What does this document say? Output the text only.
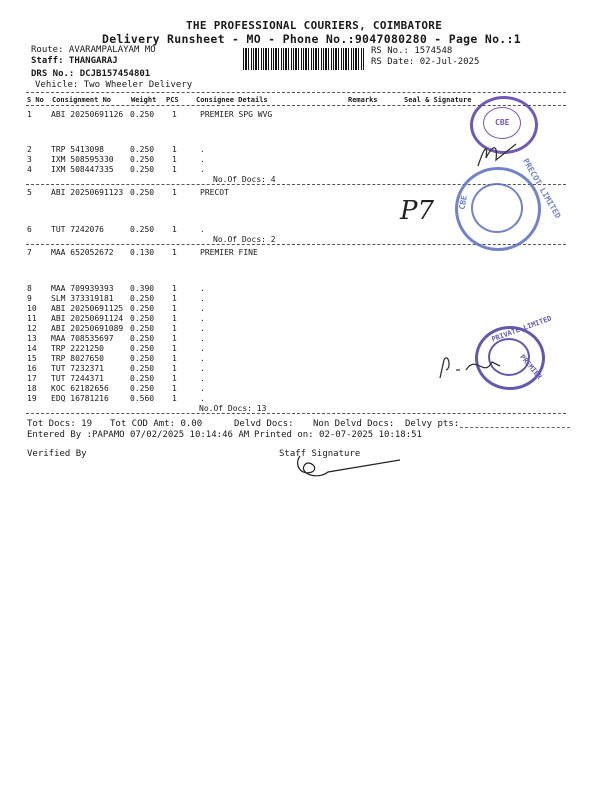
THE PROFESSIONAL COURIERS, COIMBATORE
Delivery Runsheet - MO - Phone No.:9047080280 - Page No.:1
Route: AVARAMPALAYAM MO
Staff: THANGARAJ
DRS No.: DCJB157454801
Vehicle: Two Wheeler Delivery
RS No.: 1574548
RS Date: 02-Jul-2025
S No Consignment No	Weight PCS Consignee Details	Remarks	Seal & Signature
1 ABI 20250691126 0.250 1	PREMIER SPG WVG
2 TRP 5413098	0.250 1	.
3 IXM 508595330 0.250 1	.
4 IXM 508447335 0.250 1	.
No.Of Docs: 4
5 ABI 20250691123 0.250 1	PRECOT
6 TUT 7242076	0.250 1	.
No.Of Docs: 2
7 MAA 652052672 0.130 1	PREMIER FINE
8 MAA 709939393 0.390 1	.
9 SLM 373319181 0.250 1	.
10 ABI 20250691125 0.250 1	.
11 ABI 20250691124 0.250 1	.
12 ABI 20250691089 0.250 1	.
13 MAA 708535697 0.250 1	.
14 TRP 2221250	0.250 1	.
15 TRP 8027650	0.250 1	.
16 TUT 7232371	0.250 1	.
17 TUT 7244371	0.250 1	.
18 KOC 62182656	0.250 1	.
19 EDQ 16781216	0.560 1	.
No.Of Docs: 13
Tot Docs: 19 Tot COD Amt: 0.00	Delvd Docs: Non Delvd Docs: Delvy pts:
Entered By :PAPAMO 07/02/2025 10:14:46 AM Printed on: 02-07-2025 10:18:51
Verified By	Staff Signature
CBE
PRECOT LIMITED
CBE
P7
PRIVATE LIMITED
PREMIER
